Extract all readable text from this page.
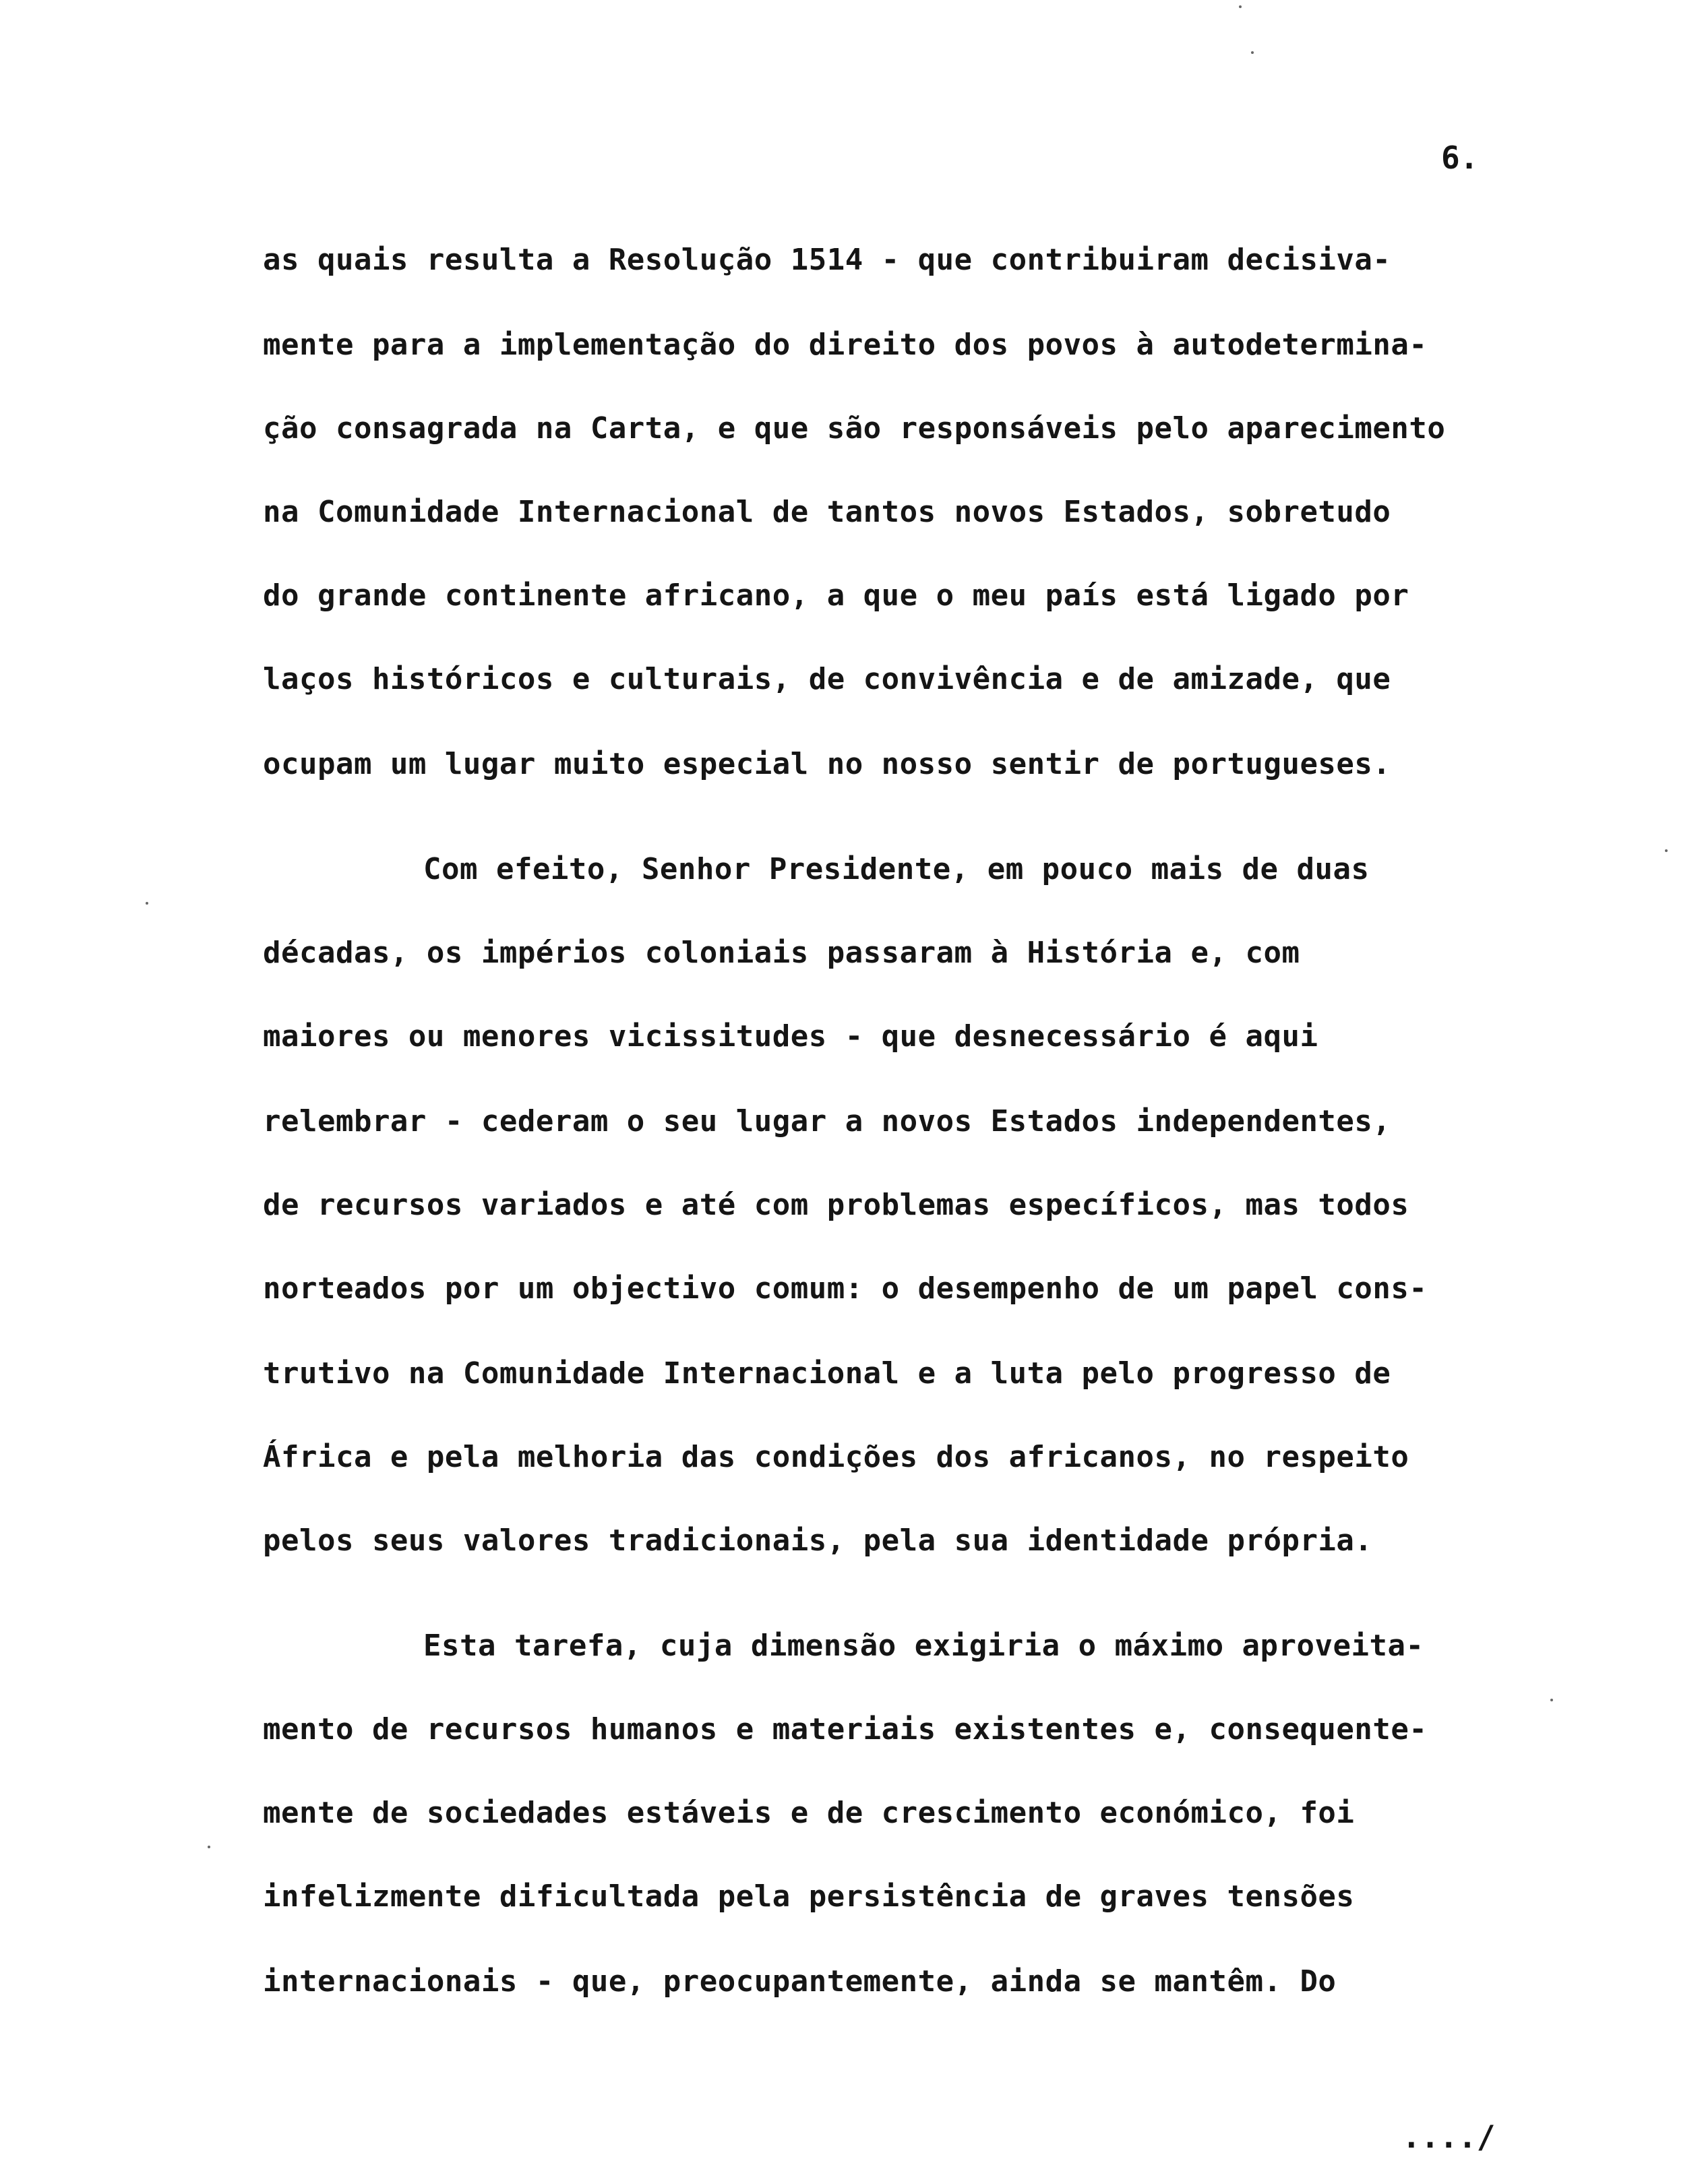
6.
as quais resulta a Resolução 1514 - que contribuiram decisiva-
mente para a implementação do direito dos povos à autodetermina-
ção consagrada na Carta, e que são responsáveis pelo aparecimento
na Comunidade Internacional de tantos novos Estados, sobretudo
do grande continente africano, a que o meu país está ligado por
laços históricos e culturais, de convivência e de amizade, que
ocupam um lugar muito especial no nosso sentir de portugueses.
Com efeito, Senhor Presidente, em pouco mais de duas
décadas, os impérios coloniais passaram à História e, com
maiores ou menores vicissitudes - que desnecessário é aqui
relembrar - cederam o seu lugar a novos Estados independentes,
de recursos variados e até com problemas específicos, mas todos
norteados por um objectivo comum: o desempenho de um papel cons-
trutivo na Comunidade Internacional e a luta pelo progresso de
África e pela melhoria das condições dos africanos, no respeito
pelos seus valores tradicionais, pela sua identidade própria.
Esta tarefa, cuja dimensão exigiria o máximo aproveita-
mento de recursos humanos e materiais existentes e, consequente-
mente de sociedades estáveis e de crescimento económico, foi
infelizmente dificultada pela persistência de graves tensões
internacionais - que, preocupantemente, ainda se mantêm. Do
..../
